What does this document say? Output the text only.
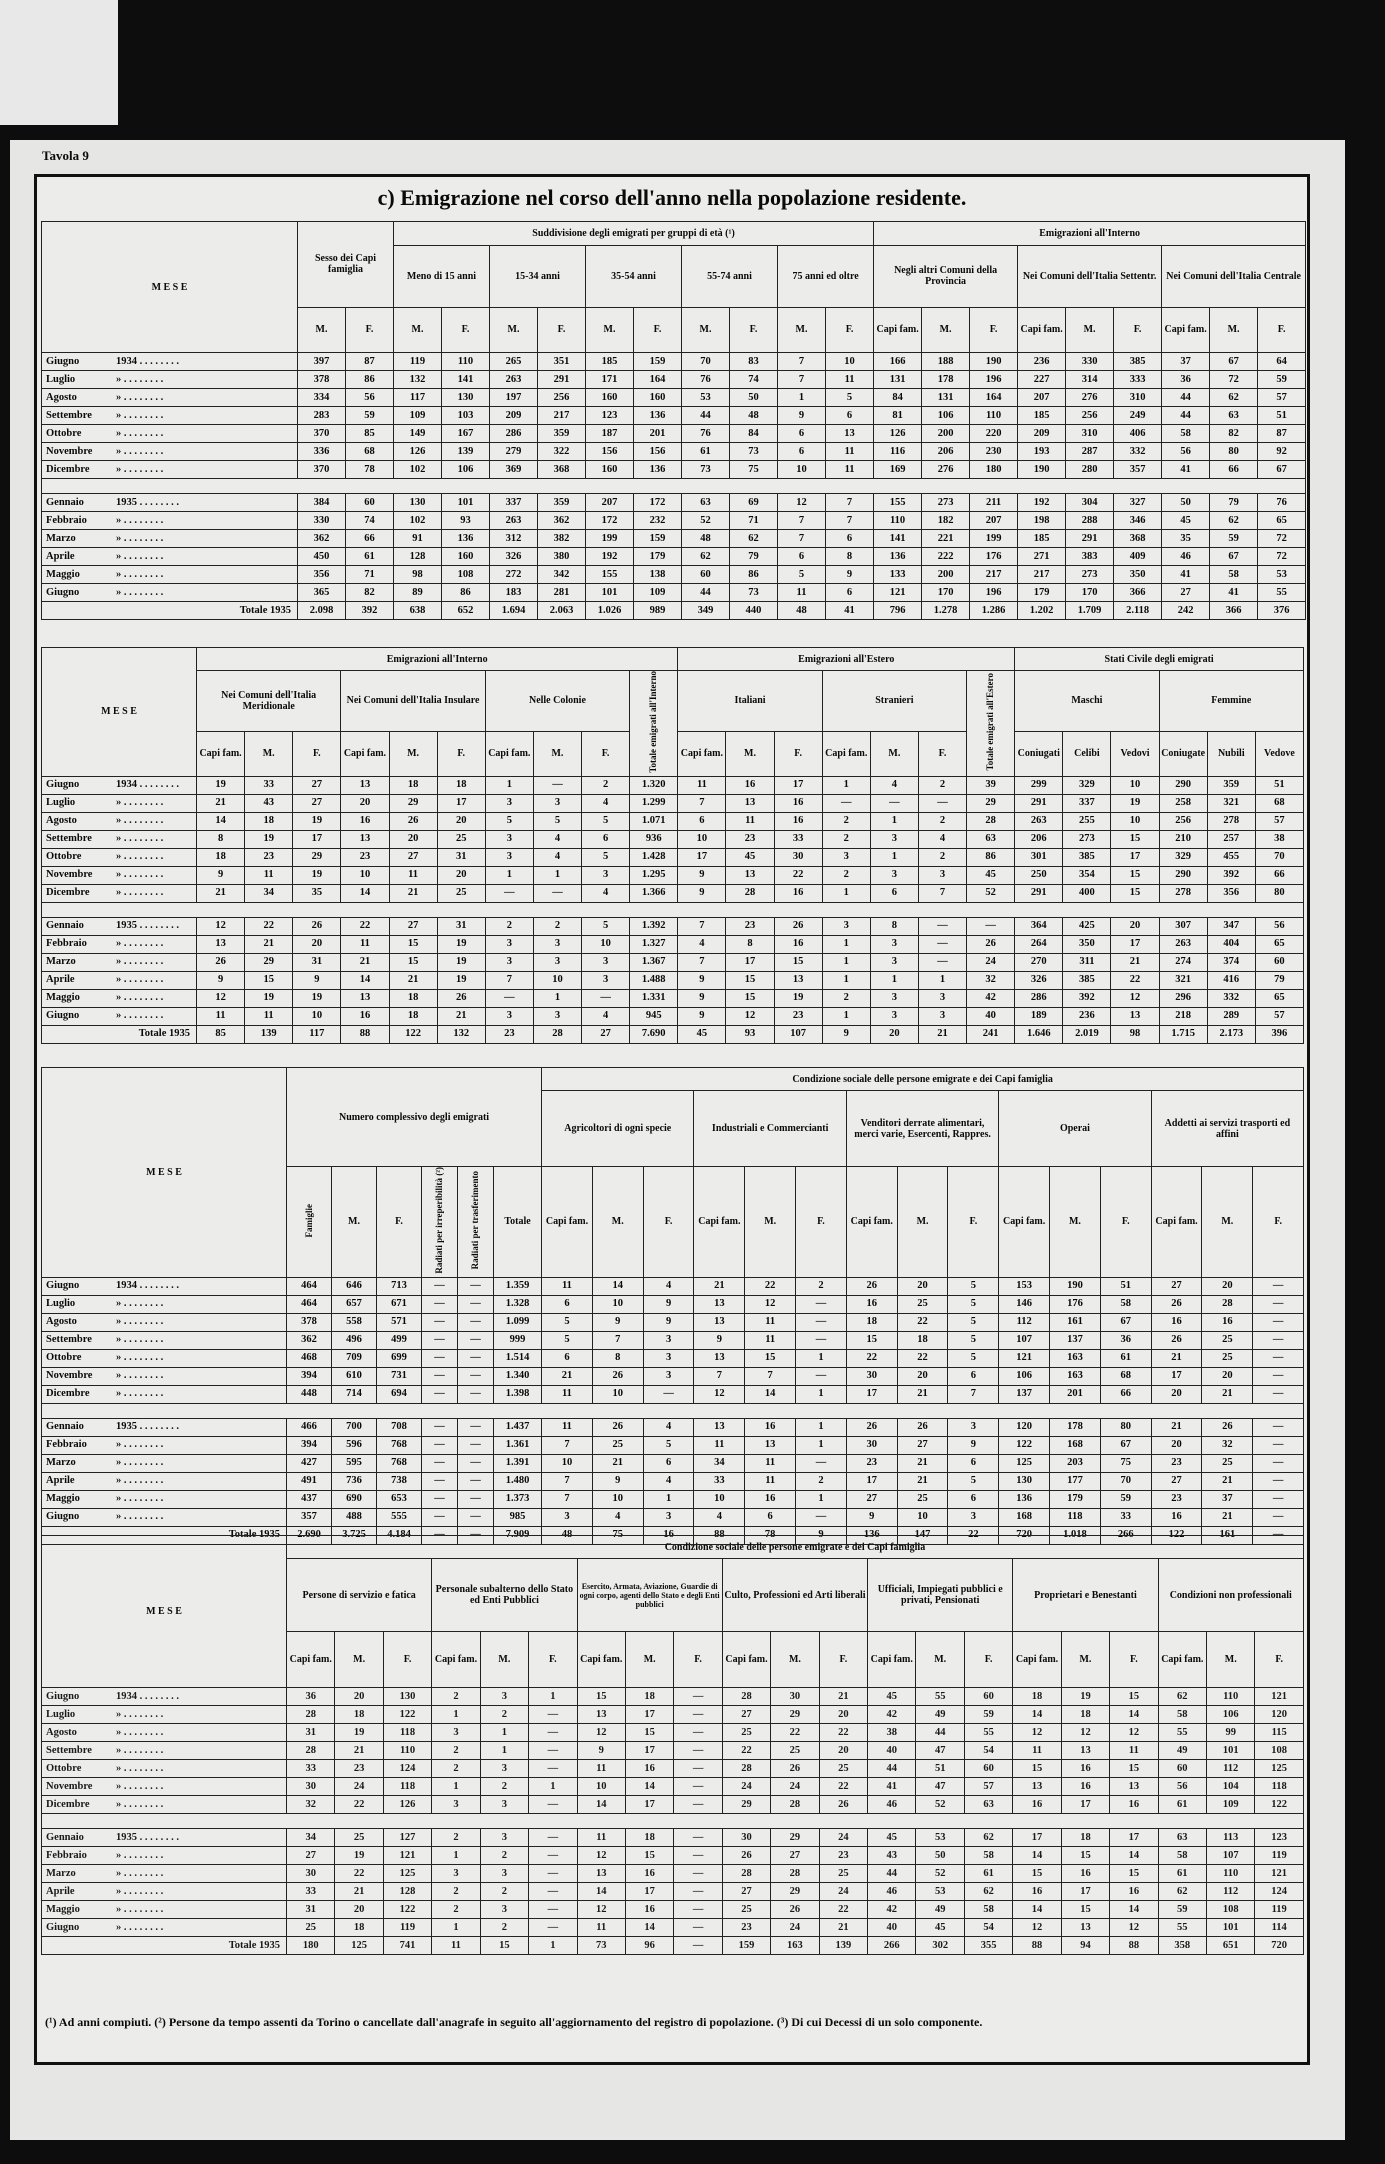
Tavola 9
c) Emigrazione nel corso dell'anno nella popolazione residente.
M E S E	Sesso dei Capi famiglia		Suddivisione degli emigrati per gruppi di età (¹)										Emigrazioni all'Interno								
			Meno di 15 anni		15-34 anni		35-54 anni		55-74 anni		75 anni ed oltre		Negli altri Comuni della Provincia			Nei Comuni dell'Italia Settentr.			Nei Comuni dell'Italia Centrale		
	M.	F.	M.	F.	M.	F.	M.	F.	M.	F.	M.	F.	Capi fam.	M.	F.	Capi fam.	M.	F.	Capi fam.	M.	F.
Giugno 1934 . . . . . . . .	397	87	119	110	265	351	185	159	70	83	7	10	166	188	190	236	330	385	37	67	64
Luglio » . . . . . . . .	378	86	132	141	263	291	171	164	76	74	7	11	131	178	196	227	314	333	36	72	59
Agosto » . . . . . . . .	334	56	117	130	197	256	160	160	53	50	1	5	84	131	164	207	276	310	44	62	57
Settembre » . . . . . . . .	283	59	109	103	209	217	123	136	44	48	9	6	81	106	110	185	256	249	44	63	51
Ottobre » . . . . . . . .	370	85	149	167	286	359	187	201	76	84	6	13	126	200	220	209	310	406	58	82	87
Novembre » . . . . . . . .	336	68	126	139	279	322	156	156	61	73	6	11	116	206	230	193	287	332	56	80	92
Dicembre » . . . . . . . .	370	78	102	106	369	368	160	136	73	75	10	11	169	276	180	190	280	357	41	66	67

Gennaio 1935 . . . . . . . .	384	60	130	101	337	359	207	172	63	69	12	7	155	273	211	192	304	327	50	79	76
Febbraio » . . . . . . . .	330	74	102	93	263	362	172	232	52	71	7	7	110	182	207	198	288	346	45	62	65
Marzo » . . . . . . . .	362	66	91	136	312	382	199	159	48	62	7	6	141	221	199	185	291	368	35	59	72
Aprile » . . . . . . . .	450	61	128	160	326	380	192	179	62	79	6	8	136	222	176	271	383	409	46	67	72
Maggio » . . . . . . . .	356	71	98	108	272	342	155	138	60	86	5	9	133	200	217	217	273	350	41	58	53
Giugno » . . . . . . . .	365	82	89	86	183	281	101	109	44	73	11	6	121	170	196	179	170	366	27	41	55
Totale 1935	2.098	392	638	652	1.694	2.063	1.026	989	349	440	48	41	796	1.278	1.286	1.202	1.709	2.118	242	366	376
M E S E	Emigrazioni all'Interno										Emigrazioni all'Estero							Stati Civile degli emigrati					
	Nei Comuni dell'Italia Meridionale			Nei Comuni dell'Italia Insulare			Nelle Colonie			Totale emigrati all'Interno	Italiani			Stranieri			Totale emigrati all'Estero	Maschi			Femmine		
	Capi fam.	M.	F.	Capi fam.	M.	F.	Capi fam.	M.	F.		Capi fam.	M.	F.	Capi fam.	M.	F.		Coniugati	Celibi	Vedovi	Coniugate	Nubili	Vedove
Giugno 1934 . . . . . . . .	19	33	27	13	18	18	1	—	2	1.320	11	16	17	1	4	2	39	299	329	10	290	359	51
Luglio » . . . . . . . .	21	43	27	20	29	17	3	3	4	1.299	7	13	16	—	—	—	29	291	337	19	258	321	68
Agosto » . . . . . . . .	14	18	19	16	26	20	5	5	5	1.071	6	11	16	2	1	2	28	263	255	10	256	278	57
Settembre » . . . . . . . .	8	19	17	13	20	25	3	4	6	936	10	23	33	2	3	4	63	206	273	15	210	257	38
Ottobre » . . . . . . . .	18	23	29	23	27	31	3	4	5	1.428	17	45	30	3	1	2	86	301	385	17	329	455	70
Novembre » . . . . . . . .	9	11	19	10	11	20	1	1	3	1.295	9	13	22	2	3	3	45	250	354	15	290	392	66
Dicembre » . . . . . . . .	21	34	35	14	21	25	—	—	4	1.366	9	28	16	1	6	7	52	291	400	15	278	356	80

Gennaio 1935 . . . . . . . .	12	22	26	22	27	31	2	2	5	1.392	7	23	26	3	8	—	—	364	425	20	307	347	56
Febbraio » . . . . . . . .	13	21	20	11	15	19	3	3	10	1.327	4	8	16	1	3	—	26	264	350	17	263	404	65
Marzo » . . . . . . . .	26	29	31	21	15	19	3	3	3	1.367	7	17	15	1	3	—	24	270	311	21	274	374	60
Aprile » . . . . . . . .	9	15	9	14	21	19	7	10	3	1.488	9	15	13	1	1	1	32	326	385	22	321	416	79
Maggio » . . . . . . . .	12	19	19	13	18	26	—	1	—	1.331	9	15	19	2	3	3	42	286	392	12	296	332	65
Giugno » . . . . . . . .	11	11	10	16	18	21	3	3	4	945	9	12	23	1	3	3	40	189	236	13	218	289	57
Totale 1935	85	139	117	88	122	132	23	28	27	7.690	45	93	107	9	20	21	241	1.646	2.019	98	1.715	2.173	396
M E S E	Numero complessivo degli emigrati						Condizione sociale delle persone emigrate e dei Capi famiglia														
							Agricoltori di ogni specie			Industriali e Commercianti			Venditori derrate alimentari, merci varie, Esercenti, Rappres.			Operai			Addetti ai servizi trasporti ed affini		
	Famiglie	M.	F.	Radiati per irreperibilità (²)	Radiati per trasferimento	Totale	Capi fam.	M.	F.	Capi fam.	M.	F.	Capi fam.	M.	F.	Capi fam.	M.	F.	Capi fam.	M.	F.
Giugno 1934 . . . . . . . .	464	646	713	—	—	1.359	11	14	4	21	22	2	26	20	5	153	190	51	27	20	—
Luglio » . . . . . . . .	464	657	671	—	—	1.328	6	10	9	13	12	—	16	25	5	146	176	58	26	28	—
Agosto » . . . . . . . .	378	558	571	—	—	1.099	5	9	9	13	11	—	18	22	5	112	161	67	16	16	—
Settembre » . . . . . . . .	362	496	499	—	—	999	5	7	3	9	11	—	15	18	5	107	137	36	26	25	—
Ottobre » . . . . . . . .	468	709	699	—	—	1.514	6	8	3	13	15	1	22	22	5	121	163	61	21	25	—
Novembre » . . . . . . . .	394	610	731	—	—	1.340	21	26	3	7	7	—	30	20	6	106	163	68	17	20	—
Dicembre » . . . . . . . .	448	714	694	—	—	1.398	11	10	—	12	14	1	17	21	7	137	201	66	20	21	—

Gennaio 1935 . . . . . . . .	466	700	708	—	—	1.437	11	26	4	13	16	1	26	26	3	120	178	80	21	26	—
Febbraio » . . . . . . . .	394	596	768	—	—	1.361	7	25	5	11	13	1	30	27	9	122	168	67	20	32	—
Marzo » . . . . . . . .	427	595	768	—	—	1.391	10	21	6	34	11	—	23	21	6	125	203	75	23	25	—
Aprile » . . . . . . . .	491	736	738	—	—	1.480	7	9	4	33	11	2	17	21	5	130	177	70	27	21	—
Maggio » . . . . . . . .	437	690	653	—	—	1.373	7	10	1	10	16	1	27	25	6	136	179	59	23	37	—
Giugno » . . . . . . . .	357	488	555	—	—	985	3	4	3	4	6	—	9	10	3	168	118	33	16	21	—
Totale 1935	2.690	3.725	4.184	—	—	7.909	48	75	16	88	78	9	136	147	22	720	1.018	266	122	161	—
M E S E	Condizione sociale delle persone emigrate e dei Capi famiglia																				
	Persone di servizio e fatica			Personale subalterno dello Stato ed Enti Pubblici			Esercito, Armata, Aviazione, Guardie di ogni corpo, agenti dello Stato e degli Enti pubblici			Culto, Professioni ed Arti liberali			Ufficiali, Impiegati pubblici e privati, Pensionati			Proprietari e Benestanti			Condizioni non professionali		
	Capi fam.	M.	F.	Capi fam.	M.	F.	Capi fam.	M.	F.	Capi fam.	M.	F.	Capi fam.	M.	F.	Capi fam.	M.	F.	Capi fam.	M.	F.
Giugno 1934 . . . . . . . .	36	20	130	2	3	1	15	18	—	28	30	21	45	55	60	18	19	15	62	110	121
Luglio » . . . . . . . .	28	18	122	1	2	—	13	17	—	27	29	20	42	49	59	14	18	14	58	106	120
Agosto » . . . . . . . .	31	19	118	3	1	—	12	15	—	25	22	22	38	44	55	12	12	12	55	99	115
Settembre » . . . . . . . .	28	21	110	2	1	—	9	17	—	22	25	20	40	47	54	11	13	11	49	101	108
Ottobre » . . . . . . . .	33	23	124	2	3	—	11	16	—	28	26	25	44	51	60	15	16	15	60	112	125
Novembre » . . . . . . . .	30	24	118	1	2	1	10	14	—	24	24	22	41	47	57	13	16	13	56	104	118
Dicembre » . . . . . . . .	32	22	126	3	3	—	14	17	—	29	28	26	46	52	63	16	17	16	61	109	122

Gennaio 1935 . . . . . . . .	34	25	127	2	3	—	11	18	—	30	29	24	45	53	62	17	18	17	63	113	123
Febbraio » . . . . . . . .	27	19	121	1	2	—	12	15	—	26	27	23	43	50	58	14	15	14	58	107	119
Marzo » . . . . . . . .	30	22	125	3	3	—	13	16	—	28	28	25	44	52	61	15	16	15	61	110	121
Aprile » . . . . . . . .	33	21	128	2	2	—	14	17	—	27	29	24	46	53	62	16	17	16	62	112	124
Maggio » . . . . . . . .	31	20	122	2	3	—	12	16	—	25	26	22	42	49	58	14	15	14	59	108	119
Giugno » . . . . . . . .	25	18	119	1	2	—	11	14	—	23	24	21	40	45	54	12	13	12	55	101	114
Totale 1935	180	125	741	11	15	1	73	96	—	159	163	139	266	302	355	88	94	88	358	651	720
(¹) Ad anni compiuti. (²) Persone da tempo assenti da Torino o cancellate dall'anagrafe in seguito all'aggiornamento del registro di popolazione. (³) Di cui Decessi di un solo componente.
